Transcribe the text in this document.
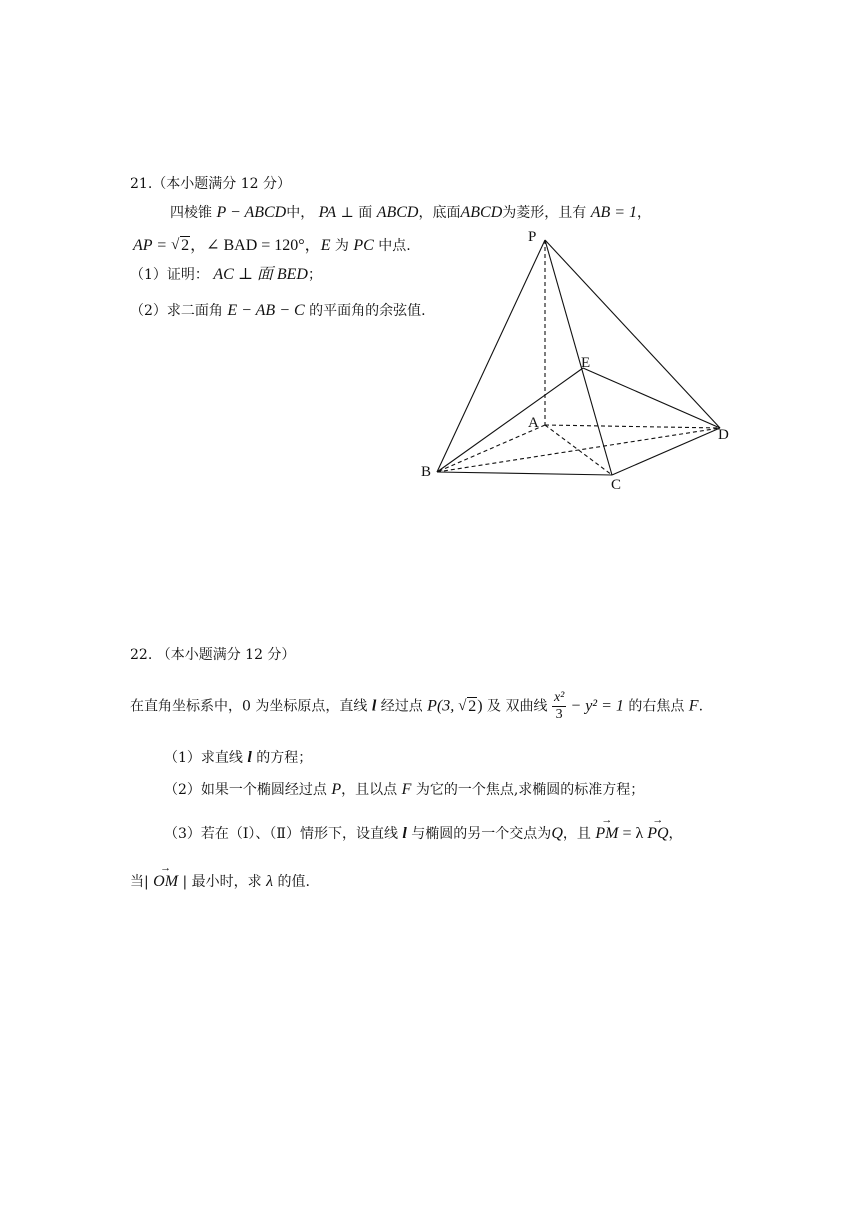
21.（本小题满分 12 分）
四棱锥 P − ABCD中， PA ⊥ 面 ABCD，底面ABCD为菱形，且有 AB = 1，
AP = √ 2，∠ BAD = 120°，E 为 PC 中点.
（1）证明： AC ⊥ 面 BED；
（2）求二面角 E − AB − C 的平面角的余弦值.
P
E
A
D
B
C
22. （本小题满分 12 分）
在直角坐标系中，0 为坐标原点，直线 l 经过点 P(3, √ 2) 及 双曲线 $\frac{\text{x²}}{3} - y^2 = 1$ 的右焦点 F.
（1）求直线 l 的方程；
（2）如果一个椭圆经过点 P，且以点 F 为它的一个焦点,求椭圆的标准方程；
（3）若在（Ⅰ）、（Ⅱ）情形下，设直线 l 与椭圆的另一个交点为Q，且
→
PM = λ
→
PQ，
当|
→
OM | 最小时，求 λ 的值.
